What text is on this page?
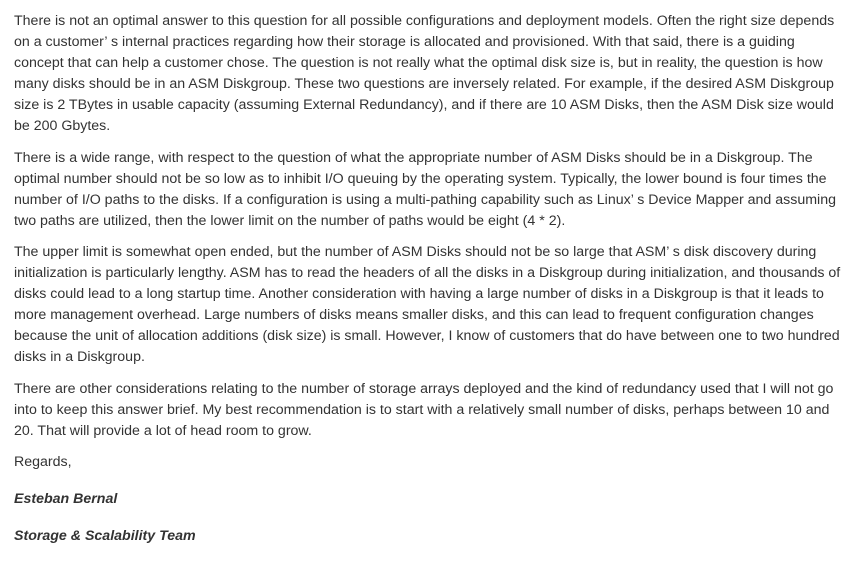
There is not an optimal answer to this question for all possible configurations and deployment models. Often the right size depends on a customer’ s internal practices regarding how their storage is allocated and provisioned. With that said, there is a guiding concept that can help a customer chose. The question is not really what the optimal disk size is, but in reality, the question is how many disks should be in an ASM Diskgroup. These two questions are inversely related. For example, if the desired ASM Diskgroup size is 2 TBytes in usable capacity (assuming External Redundancy), and if there are 10 ASM Disks, then the ASM Disk size would be 200 Gbytes.

There is a wide range, with respect to the question of what the appropriate number of ASM Disks should be in a Diskgroup. The optimal number should not be so low as to inhibit I/O queuing by the operating system. Typically, the lower bound is four times the number of I/O paths to the disks. If a configuration is using a multi-pathing capability such as Linux’ s Device Mapper and assuming two paths are utilized, then the lower limit on the number of paths would be eight (4 * 2).

The upper limit is somewhat open ended, but the number of ASM Disks should not be so large that ASM’ s disk discovery during initialization is particularly lengthy. ASM has to read the headers of all the disks in a Diskgroup during initialization, and thousands of disks could lead to a long startup time. Another consideration with having a large number of disks in a Diskgroup is that it leads to more management overhead. Large numbers of disks means smaller disks, and this can lead to frequent configuration changes because the unit of allocation additions (disk size) is small. However, I know of customers that do have between one to two hundred disks in a Diskgroup.

There are other considerations relating to the number of storage arrays deployed and the kind of redundancy used that I will not go into to keep this answer brief. My best recommendation is to start with a relatively small number of disks, perhaps between 10 and 20. That will provide a lot of head room to grow.

Regards,

Esteban Bernal

Storage & Scalability Team
